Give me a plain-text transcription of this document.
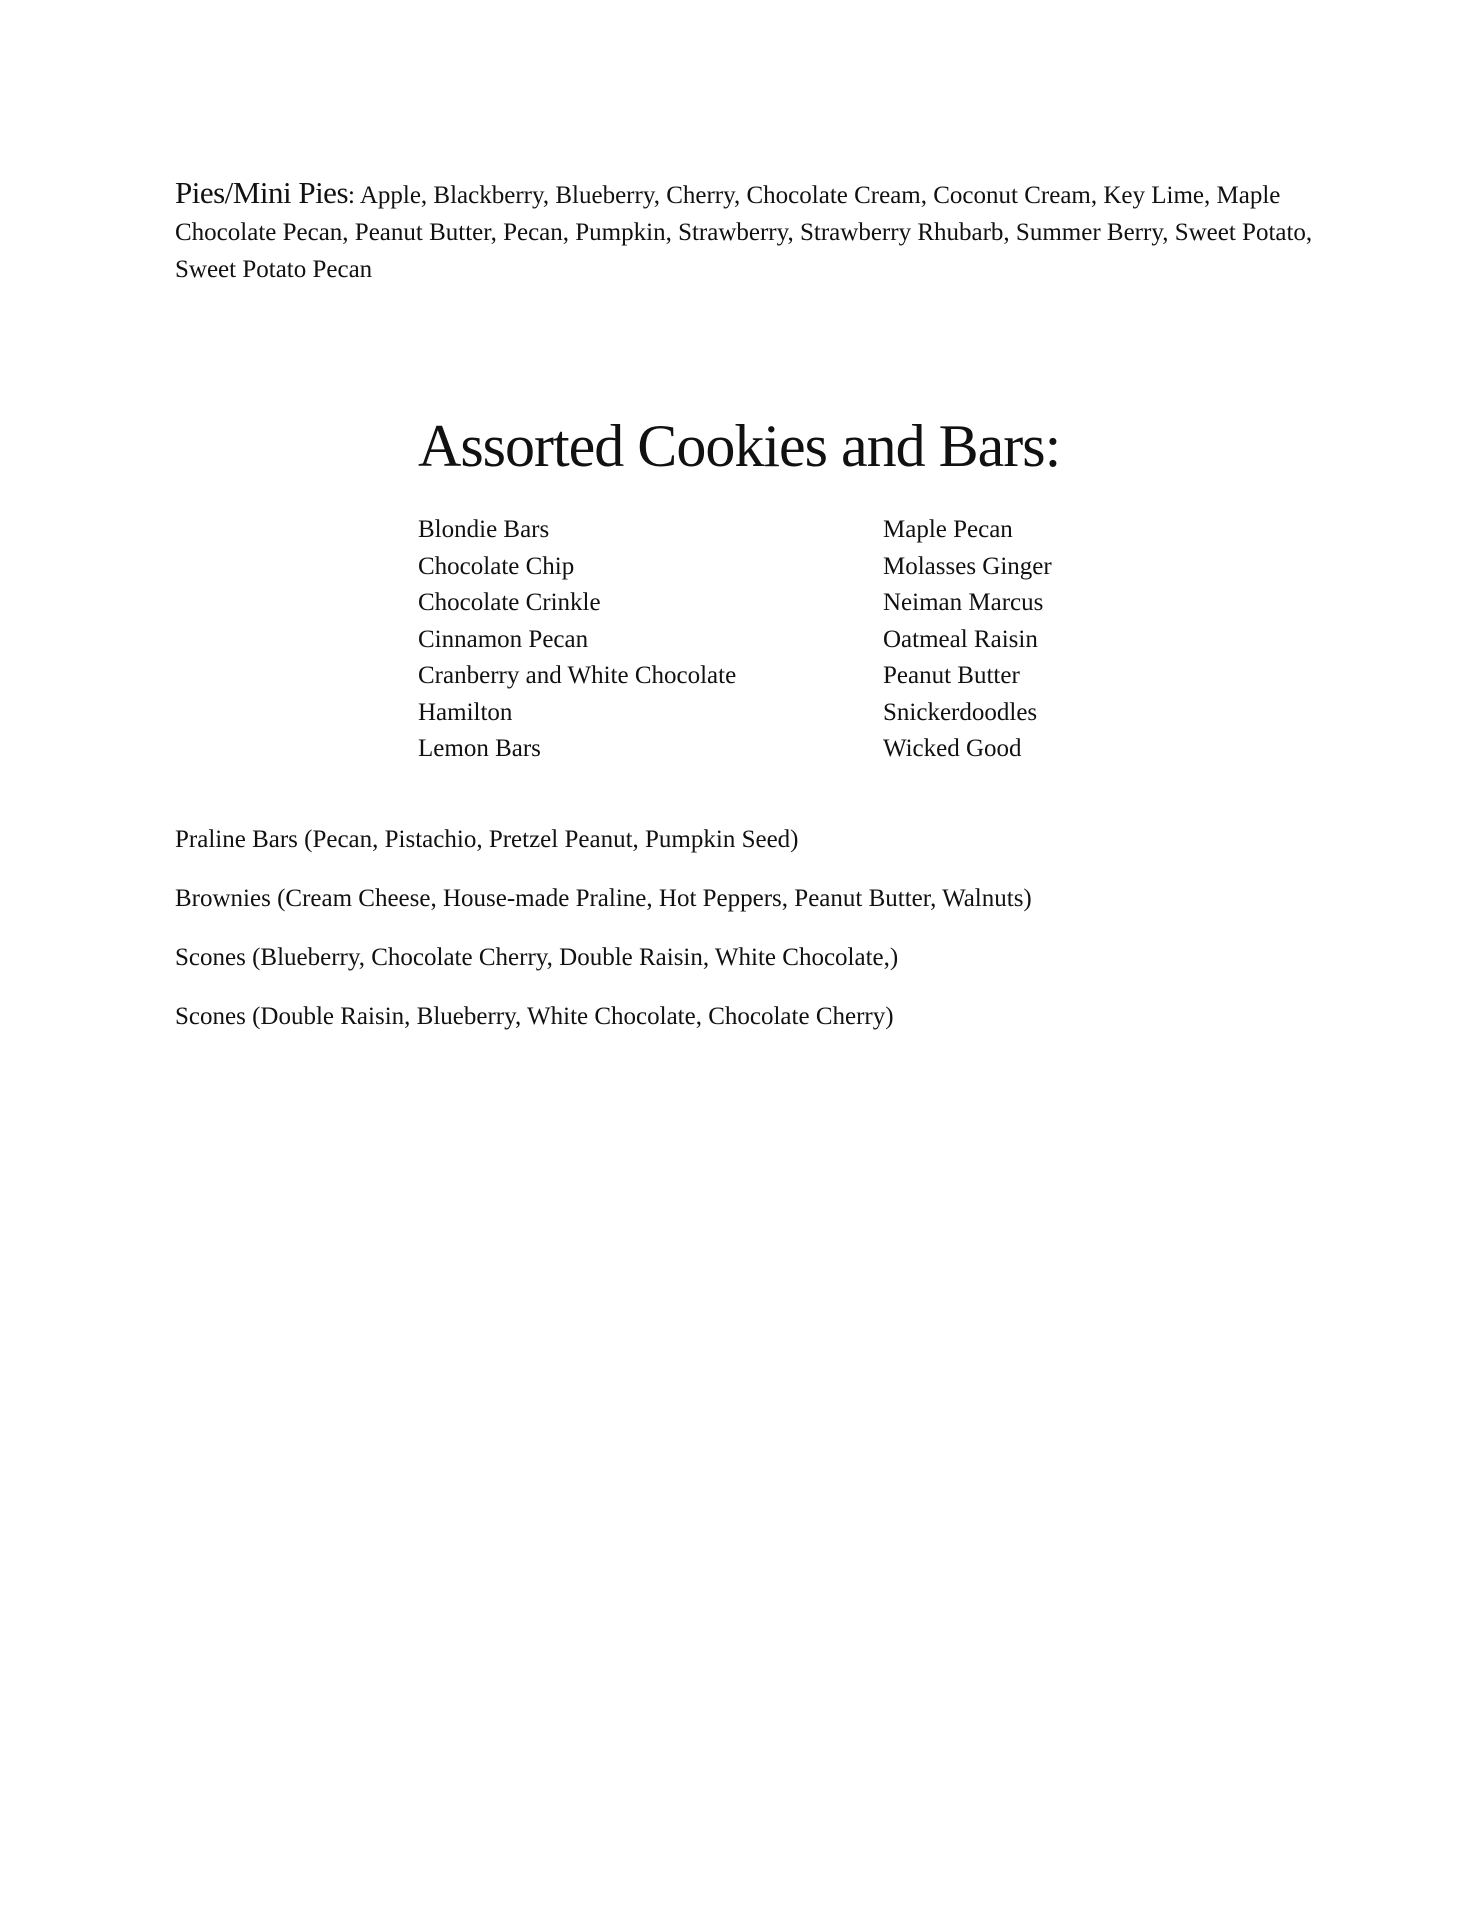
Pies/Mini Pies: Apple, Blackberry, Blueberry, Cherry, Chocolate Cream, Coconut Cream, Key Lime, Maple Chocolate Pecan, Peanut Butter, Pecan, Pumpkin, Strawberry, Strawberry Rhubarb, Summer Berry, Sweet Potato, Sweet Potato Pecan

Assorted Cookies and Bars:
Blondie Bars
Chocolate Chip
Chocolate Crinkle
Cinnamon Pecan
Cranberry and White Chocolate
Hamilton
Lemon Bars
Maple Pecan
Molasses Ginger
Neiman Marcus
Oatmeal Raisin
Peanut Butter
Snickerdoodles
Wicked Good
Praline Bars (Pecan, Pistachio, Pretzel Peanut, Pumpkin Seed)
Brownies (Cream Cheese, House-made Praline, Hot Peppers, Peanut Butter, Walnuts)
Scones (Blueberry, Chocolate Cherry, Double Raisin, White Chocolate,)
Scones (Double Raisin, Blueberry, White Chocolate, Chocolate Cherry)
